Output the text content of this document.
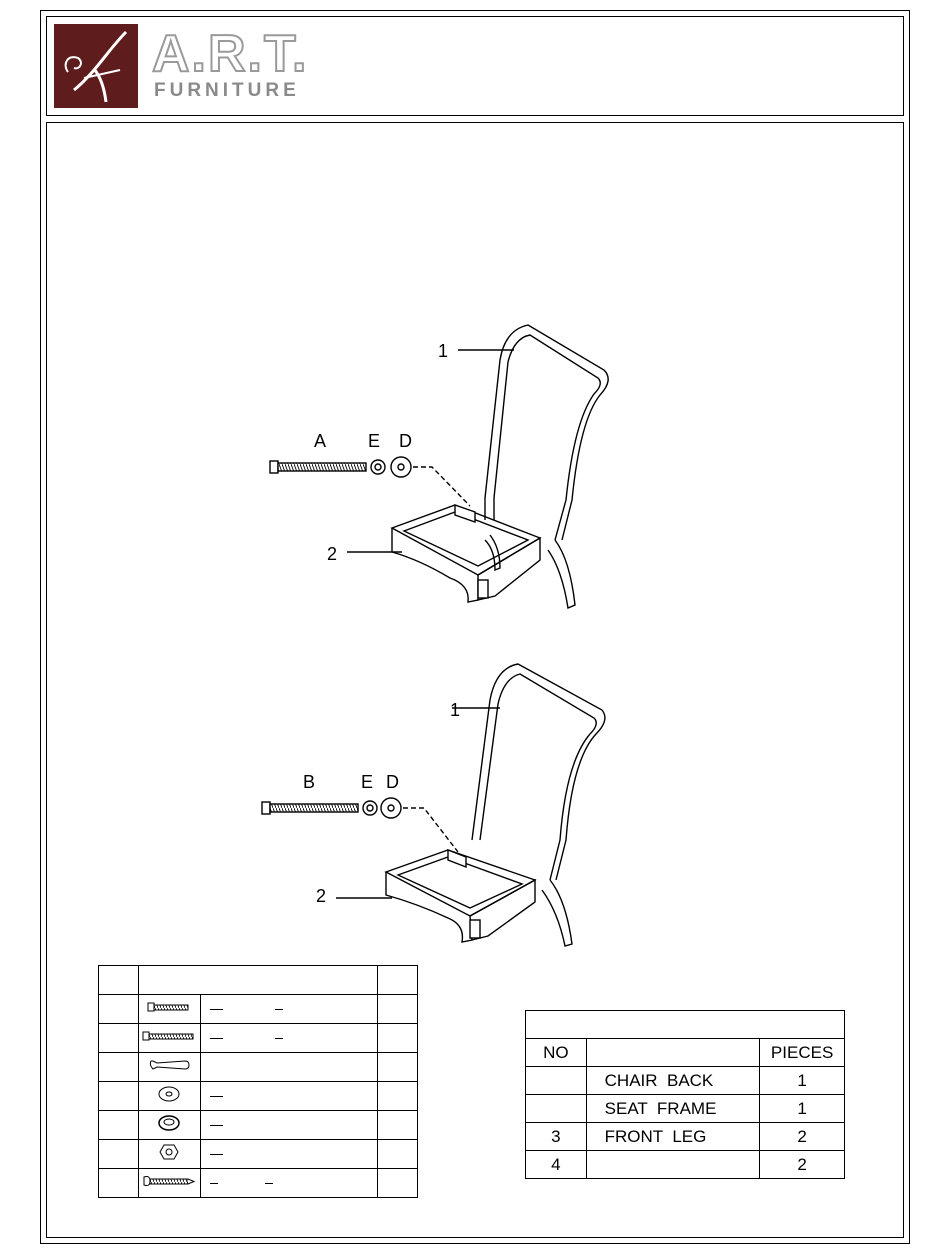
A.R.T.
FURNITURE
1
2
A E D
1
2
B	E D

NO		PIECES
	CHAIR  BACK	1
	SEAT  FRAME	1
3	FRONT  LEG	2
4		2
